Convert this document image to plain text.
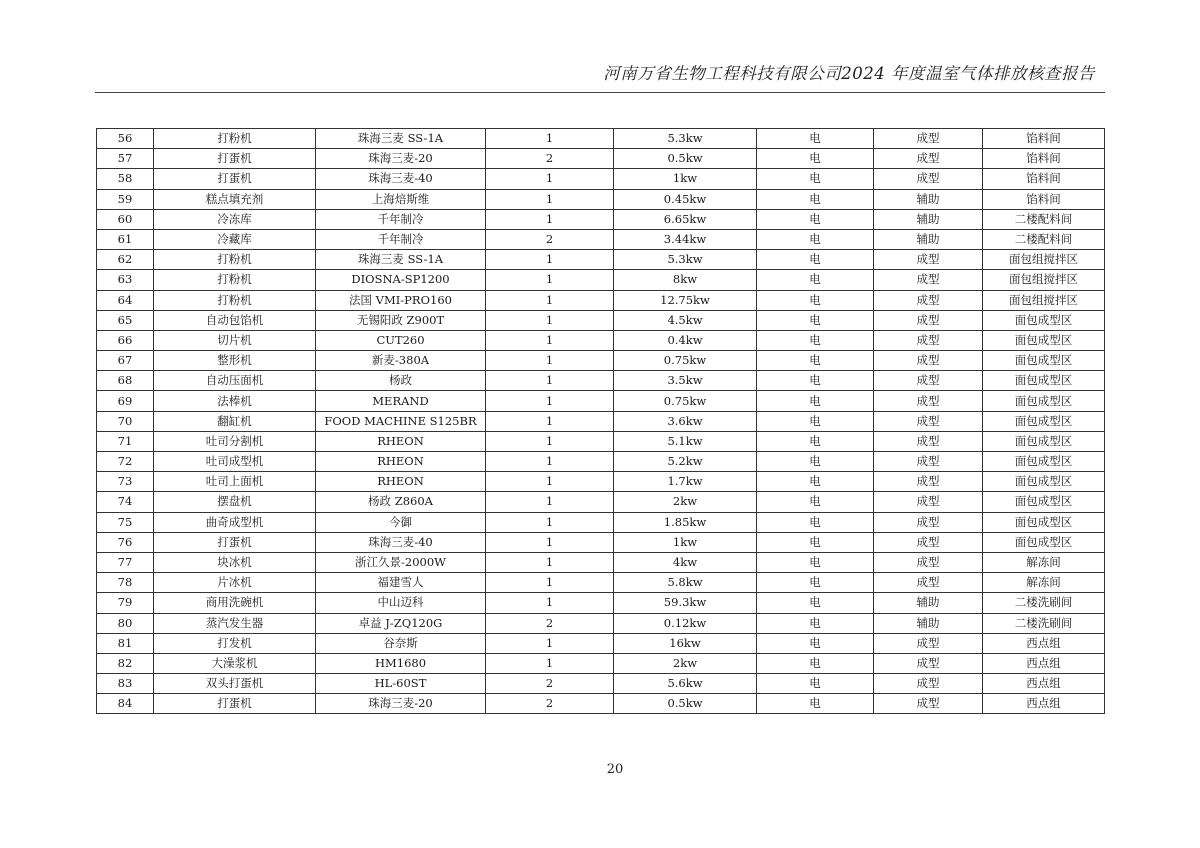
河南万省生物工程科技有限公司2024 年度温室气体排放核查报告
56	打粉机	珠海三麦 SS-1A	1	5.3kw	电	成型	馅料间
57	打蛋机	珠海三麦-20	2	0.5kw	电	成型	馅料间
58	打蛋机	珠海三麦-40	1	1kw	电	成型	馅料间
59	糕点填充剂	上海焙斯维	1	0.45kw	电	辅助	馅料间
60	冷冻库	千年制冷	1	6.65kw	电	辅助	二楼配料间
61	冷藏库	千年制冷	2	3.44kw	电	辅助	二楼配料间
62	打粉机	珠海三麦 SS-1A	1	5.3kw	电	成型	面包组搅拌区
63	打粉机	DIOSNA-SP1200	1	8kw	电	成型	面包组搅拌区
64	打粉机	法国 VMI-PRO160	1	12.75kw	电	成型	面包组搅拌区
65	自动包馅机	无锡阳政 Z900T	1	4.5kw	电	成型	面包成型区
66	切片机	CUT260	1	0.4kw	电	成型	面包成型区
67	整形机	新麦-380A	1	0.75kw	电	成型	面包成型区
68	自动压面机	杨政	1	3.5kw	电	成型	面包成型区
69	法棒机	MERAND	1	0.75kw	电	成型	面包成型区
70	翻缸机	FOOD MACHINE S125BR	1	3.6kw	电	成型	面包成型区
71	吐司分割机	RHEON	1	5.1kw	电	成型	面包成型区
72	吐司成型机	RHEON	1	5.2kw	电	成型	面包成型区
73	吐司上面机	RHEON	1	1.7kw	电	成型	面包成型区
74	摆盘机	杨政 Z860A	1	2kw	电	成型	面包成型区
75	曲奇成型机	今御	1	1.85kw	电	成型	面包成型区
76	打蛋机	珠海三麦-40	1	1kw	电	成型	面包成型区
77	块冰机	浙江久景-2000W	1	4kw	电	成型	解冻间
78	片冰机	福建雪人	1	5.8kw	电	成型	解冻间
79	商用洗碗机	中山迈科	1	59.3kw	电	辅助	二楼洗刷间
80	蒸汽发生器	卓益 J-ZQ120G	2	0.12kw	电	辅助	二楼洗刷间
81	打发机	谷奈斯	1	16kw	电	成型	西点组
82	大澡浆机	HM1680	1	2kw	电	成型	西点组
83	双头打蛋机	HL-60ST	2	5.6kw	电	成型	西点组
84	打蛋机	珠海三麦-20	2	0.5kw	电	成型	西点组
20
